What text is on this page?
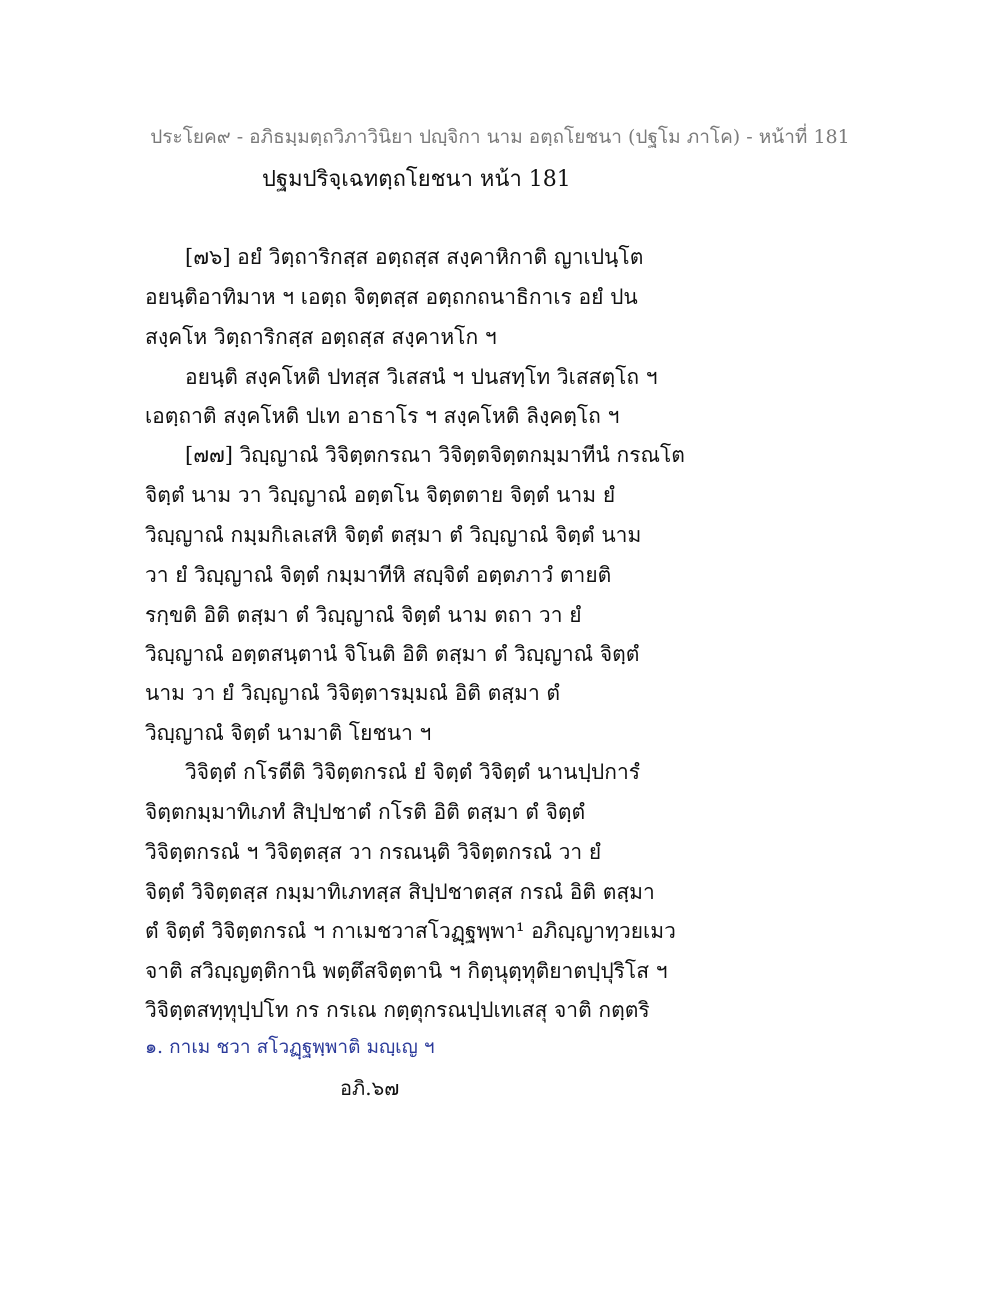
ประโยค๙ - อภิธมฺมตฺถวิภาวินิยา ปญฺจิกา นาม อตฺถโยชนา (ปฐโม ภาโค) - หน้าที่ 181
ปฐมปริจฺเฉทตฺถโยชนา หน้า 181
[๗๖] อยํ วิตฺถาริกสฺส อตฺถสฺส สงฺคาหิกาติ ญาเปนฺโต
อยนฺติอาทิมาห ฯ เอตฺถ จิตฺตสฺส อตฺถกถนาธิกาเร อยํ ปน
สงฺคโห วิตฺถาริกสฺส อตฺถสฺส สงฺคาหโก ฯ
อยนฺติ สงฺคโหติ ปทสฺส วิเสสนํ ฯ ปนสทฺโท วิเสสตฺโถ ฯ
เอตฺถาติ สงฺคโหติ ปเท อาธาโร ฯ สงฺคโหติ ลิงฺคตฺโถ ฯ
[๗๗] วิญฺญาณํ วิจิตฺตกรณา วิจิตฺตจิตฺตกมฺมาทีนํ กรณโต
จิตฺตํ นาม วา วิญฺญาณํ อตฺตโน จิตฺตตาย จิตฺตํ นาม ยํ
วิญฺญาณํ กมฺมกิเลเสหิ จิตฺตํ ตสฺมา ตํ วิญฺญาณํ จิตฺตํ นาม
วา ยํ วิญฺญาณํ จิตฺตํ กมฺมาทีหิ สญฺจิตํ อตฺตภาวํ ตายติ
รกฺขติ อิติ ตสฺมา ตํ วิญฺญาณํ จิตฺตํ นาม ตถา วา ยํ
วิญฺญาณํ อตฺตสนฺตานํ จิโนติ อิติ ตสฺมา ตํ วิญฺญาณํ จิตฺตํ
นาม วา ยํ วิญฺญาณํ วิจิตฺตารมฺมณํ อิติ ตสฺมา ตํ
วิญฺญาณํ จิตฺตํ นามาติ โยชนา ฯ
วิจิตฺตํ กโรตีติ วิจิตฺตกรณํ ยํ จิตฺตํ วิจิตฺตํ นานปฺปการํ
จิตฺตกมฺมาทิเภทํ สิปฺปชาตํ กโรติ อิติ ตสฺมา ตํ จิตฺตํ
วิจิตฺตกรณํ ฯ วิจิตฺตสฺส วา กรณนฺติ วิจิตฺตกรณํ วา ยํ
จิตฺตํ วิจิตฺตสฺส กมฺมาทิเภทสฺส สิปฺปชาตสฺส กรณํ อิติ ตสฺมา
ตํ จิตฺตํ วิจิตฺตกรณํ ฯ กาเมชวาสโวฏฺฐพฺพา¹ อภิญฺญาทฺวยเมว
จาติ สวิญฺญตฺติกานิ พตฺตึสจิตฺตานิ ฯ กิตฺนุตฺทุติยาตปฺปุริโส ฯ
วิจิตฺตสทฺทุปฺปโท กร กรเณ กตฺตุกรณปฺปเทเสสุ จาติ กตฺตริ
๑. กาเม ชวา สโวฏฺฐพฺพาติ มญฺเญ ฯ
อภิ.๖๗
